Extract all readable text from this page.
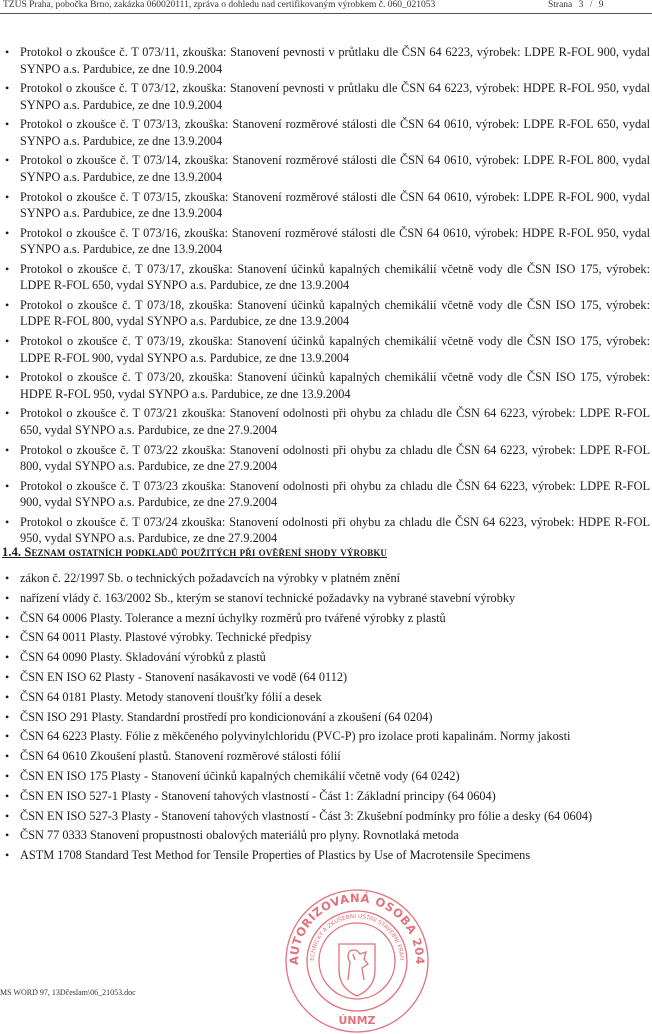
TZÚS Praha, pobočka Brno, zakázka 060020111, zpráva o dohledu nad certifikovaným výrobkem č. 060_021053	Strana 3 / 9
• Protokol o zkoušce č. T 073/11, zkouška: Stanovení pevnosti v průtlaku dle ČSN 64 6223, výrobek: LDPE R-FOL 900, vydal SYNPO a.s. Pardubice, ze dne 10.9.2004
• Protokol o zkoušce č. T 073/12, zkouška: Stanovení pevnosti v průtlaku dle ČSN 64 6223, výrobek: HDPE R-FOL 950, vydal SYNPO a.s. Pardubice, ze dne 10.9.2004
• Protokol o zkoušce č. T 073/13, zkouška: Stanovení rozměrové stálosti dle ČSN 64 0610, výrobek: LDPE R-FOL 650, vydal SYNPO a.s. Pardubice, ze dne 13.9.2004
• Protokol o zkoušce č. T 073/14, zkouška: Stanovení rozměrové stálosti dle ČSN 64 0610, výrobek: LDPE R-FOL 800, vydal SYNPO a.s. Pardubice, ze dne 13.9.2004
• Protokol o zkoušce č. T 073/15, zkouška: Stanovení rozměrové stálosti dle ČSN 64 0610, výrobek: LDPE R-FOL 900, vydal SYNPO a.s. Pardubice, ze dne 13.9.2004
• Protokol o zkoušce č. T 073/16, zkouška: Stanovení rozměrové stálosti dle ČSN 64 0610, výrobek: HDPE R-FOL 950, vydal SYNPO a.s. Pardubice, ze dne 13.9.2004
• Protokol o zkoušce č. T 073/17, zkouška: Stanovení účinků kapalných chemikálií včetně vody dle ČSN ISO 175, výrobek: LDPE R-FOL 650, vydal SYNPO a.s. Pardubice, ze dne 13.9.2004
• Protokol o zkoušce č. T 073/18, zkouška: Stanovení účinků kapalných chemikálií včetně vody dle ČSN ISO 175, výrobek: LDPE R-FOL 800, vydal SYNPO a.s. Pardubice, ze dne 13.9.2004
• Protokol o zkoušce č. T 073/19, zkouška: Stanovení účinků kapalných chemikálií včetně vody dle ČSN ISO 175, výrobek: LDPE R-FOL 900, vydal SYNPO a.s. Pardubice, ze dne 13.9.2004
• Protokol o zkoušce č. T 073/20, zkouška: Stanovení účinků kapalných chemikálií včetně vody dle ČSN ISO 175, výrobek: HDPE R-FOL 950, vydal SYNPO a.s. Pardubice, ze dne 13.9.2004
• Protokol o zkoušce č. T 073/21 zkouška: Stanovení odolnosti při ohybu za chladu dle ČSN 64 6223, výrobek: LDPE R-FOL 650, vydal SYNPO a.s. Pardubice, ze dne 27.9.2004
• Protokol o zkoušce č. T 073/22 zkouška: Stanovení odolnosti při ohybu za chladu dle ČSN 64 6223, výrobek: LDPE R-FOL 800, vydal SYNPO a.s. Pardubice, ze dne 27.9.2004
• Protokol o zkoušce č. T 073/23 zkouška: Stanovení odolnosti při ohybu za chladu dle ČSN 64 6223, výrobek: LDPE R-FOL 900, vydal SYNPO a.s. Pardubice, ze dne 27.9.2004
• Protokol o zkoušce č. T 073/24 zkouška: Stanovení odolnosti při ohybu za chladu dle ČSN 64 6223, výrobek: HDPE R-FOL 950, vydal SYNPO a.s. Pardubice, ze dne 27.9.2004
1.4. Seznam ostatních podkladů použitých při ověření shody výrobku
• zákon č. 22/1997 Sb. o technických požadavcích na výrobky v platném znění
• nařízení vlády č. 163/2002 Sb., kterým se stanoví technické požadavky na vybrané stavební výrobky
• ČSN 64 0006 Plasty. Tolerance a mezní úchylky rozměrů pro tvářené výrobky z plastů
• ČSN 64 0011 Plasty. Plastové výrobky. Technické předpisy
• ČSN 64 0090 Plasty. Skladování výrobků z plastů
• ČSN EN ISO 62 Plasty - Stanovení nasákavosti ve vodě (64 0112)
• ČSN 64 0181 Plasty. Metody stanovení tloušťky fólií a desek
• ČSN ISO 291 Plasty. Standardní prostředí pro kondicionování a zkoušení (64 0204)
• ČSN 64 6223 Plasty. Fólie z měkčeného polyvinylchloridu (PVC-P) pro izolace proti kapalinám. Normy jakosti
• ČSN 64 0610 Zkoušení plastů. Stanovení rozměrové stálosti fólií
• ČSN EN ISO 175 Plasty - Stanovení účinků kapalných chemikálií včetně vody (64 0242)
• ČSN EN ISO 527-1 Plasty - Stanovení tahových vlastností - Část 1: Základní principy (64 0604)
• ČSN EN ISO 527-3 Plasty - Stanovení tahových vlastností - Část 3: Zkušební podmínky pro fólie a desky (64 0604)
• ČSN 77 0333 Stanovení propustnosti obalových materiálů pro plyny. Rovnotlaká metoda
• ASTM 1708 Standard Test Method for Tensile Properties of Plastics by Use of Macrotensile Specimens
AUTORIZOVANÁ OSOBA 204
ECHNICKÝ A ZKUŠEBNÍ ÚSTAV STAVEBNÍ PRAH
ÚNMZ
MS WORD 97, 13Dčeslam\06_21053.doc
